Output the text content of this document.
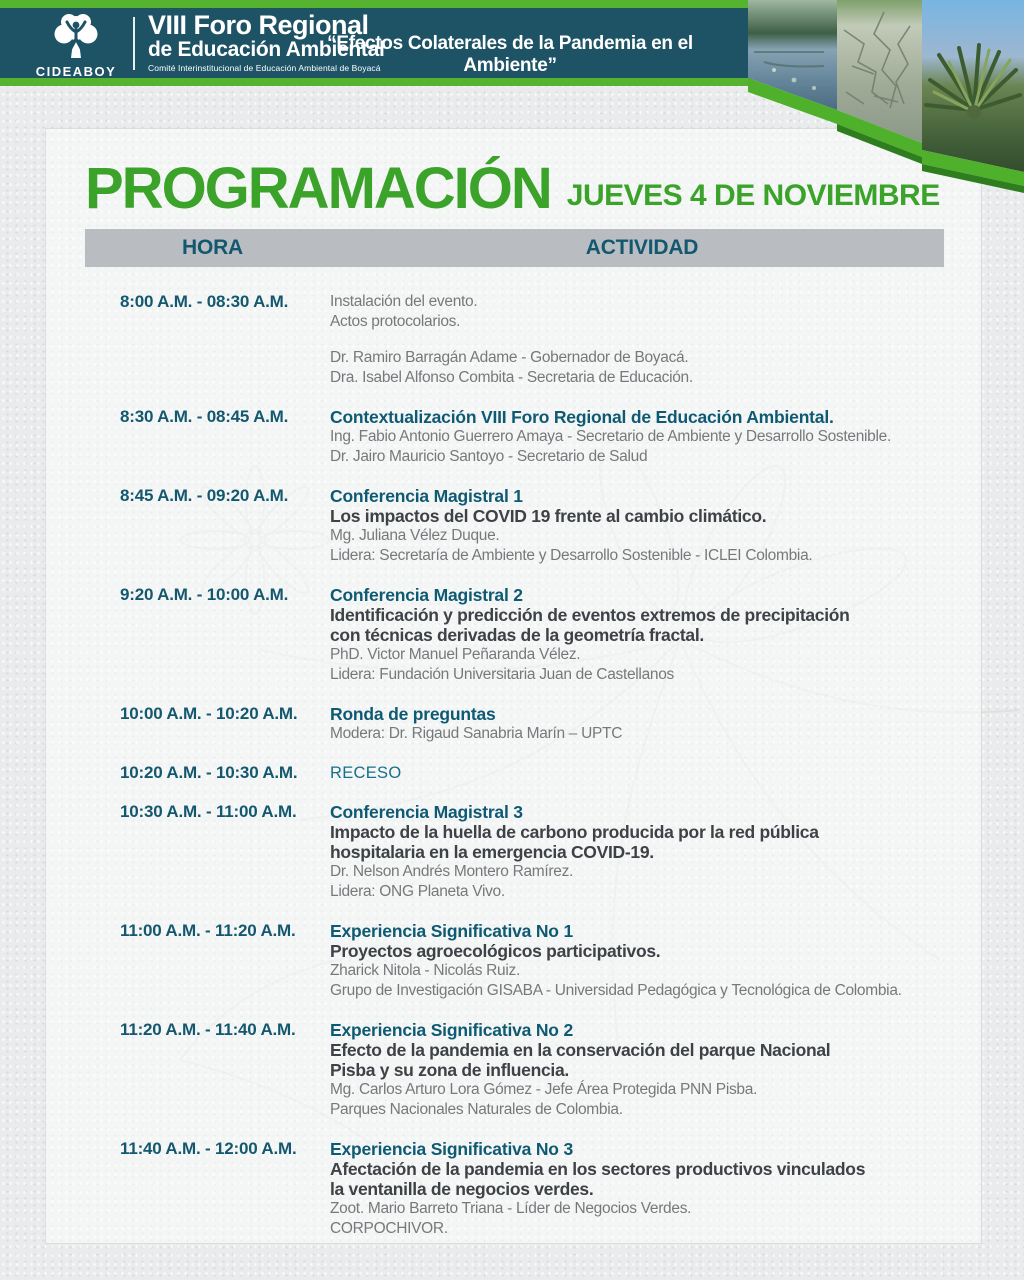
CIDEABOY
VIII Foro Regional
de Educación Ambiental
Comité Interinstitucional de Educación Ambiental de Boyacá
“Efectos Colaterales de la Pandemia en el Ambiente”
PROGRAMACIÓN JUEVES 4 DE NOVIEMBRE
HORA	ACTIVIDAD
8:00 A.M. - 08:30 A.M.	Instalación del evento.
Actos protocolarios.
Dr. Ramiro Barragán Adame - Gobernador de Boyacá.
Dra. Isabel Alfonso Combita - Secretaria de Educación.
8:30 A.M. - 08:45 A.M.	Contextualización VIII Foro Regional de Educación Ambiental.
Ing. Fabio Antonio Guerrero Amaya - Secretario de Ambiente y Desarrollo Sostenible.
Dr. Jairo Mauricio Santoyo - Secretario de Salud
8:45 A.M. - 09:20 A.M.	Conferencia Magistral 1
Los impactos del COVID 19 frente al cambio climático.
Mg. Juliana Vélez Duque.
Lidera: Secretaría de Ambiente y Desarrollo Sostenible - ICLEI Colombia.
9:20 A.M. - 10:00 A.M.	Conferencia Magistral 2
Identificación y predicción de eventos extremos de precipitación
con técnicas derivadas de la geometría fractal.
PhD. Victor Manuel Peñaranda Vélez.
Lidera: Fundación Universitaria Juan de Castellanos
10:00 A.M. - 10:20 A.M.	Ronda de preguntas
Modera: Dr. Rigaud Sanabria Marín – UPTC
10:20 A.M. - 10:30 A.M.	RECESO
10:30 A.M. - 11:00 A.M.	Conferencia Magistral 3
Impacto de la huella de carbono producida por la red pública
hospitalaria en la emergencia COVID-19.
Dr. Nelson Andrés Montero Ramírez.
Lidera: ONG Planeta Vivo.
11:00 A.M. - 11:20 A.M.	Experiencia Significativa No 1
Proyectos agroecológicos participativos.
Zharick Nitola - Nicolás Ruiz.
Grupo de Investigación GISABA - Universidad Pedagógica y Tecnológica de Colombia.
11:20 A.M. - 11:40 A.M.	Experiencia Significativa No 2
Efecto de la pandemia en la conservación del parque Nacional
Pisba y su zona de influencia.
Mg. Carlos Arturo Lora Gómez - Jefe Área Protegida PNN Pisba.
Parques Nacionales Naturales de Colombia.
11:40 A.M. - 12:00 A.M.	Experiencia Significativa No 3
Afectación de la pandemia en los sectores productivos vinculados
la ventanilla de negocios verdes.
Zoot. Mario Barreto Triana - Líder de Negocios Verdes.
CORPOCHIVOR.
